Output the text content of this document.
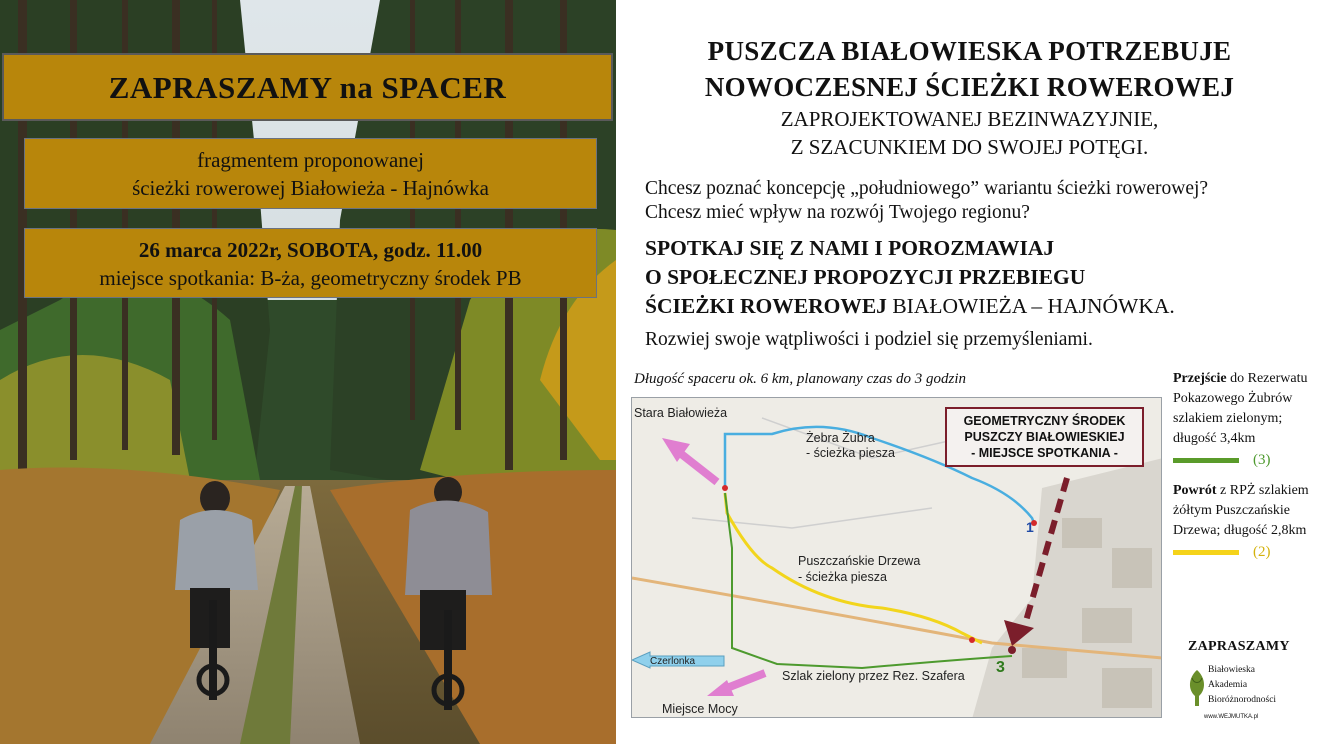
ZAPRASZAMY na SPACER
fragmentem proponowanej
ścieżki rowerowej Białowieża - Hajnówka
26 marca 2022r, SOBOTA, godz. 11.00
miejsce spotkania: B-ża, geometryczny środek PB
PUSZCZA BIAŁOWIESKA POTRZEBUJE
NOWOCZESNEJ ŚCIEŻKI ROWEROWEJ
ZAPROJEKTOWANEJ BEZINWAZYJNIE,
Z SZACUNKIEM DO SWOJEJ POTĘGI.
Chcesz poznać koncepcję „południowego” wariantu ścieżki rowerowej?
Chcesz mieć wpływ na rozwój Twojego regionu?
SPOTKAJ SIĘ Z NAMI I POROZMAWIAJ
O SPOŁECZNEJ PROPOZYCJI PRZEBIEGU
ŚCIEŻKI ROWEROWEJ BIAŁOWIEŻA – HAJNÓWKA.
Rozwiej swoje wątpliwości i podziel się przemyśleniami.
Długość spaceru ok. 6 km, planowany czas do 3 godzin
GEOMETRYCZNY ŚRODEK
PUSZCZY BIAŁOWIESKIEJ
- MIEJSCE SPOTKANIA -
Stara Białowieża
Żebra Żubra
- ścieżka piesza
Puszczańskie Drzewa
- ścieżka piesza
Szlak zielony przez Rez. Szafera
Czerlonka
Miejsce Mocy
1
3
Przejście do Rezerwatu Pokazowego Żubrów szlakiem zielonym; długość 3,4km
(3)
Powrót z RPŻ szlakiem żółtym Puszczańskie Drzewa; długość 2,8km
(2)
ZAPRASZAMY
Białowieska
Akademia
Bioróżnorodności
www.WEJMUTKA.pl
